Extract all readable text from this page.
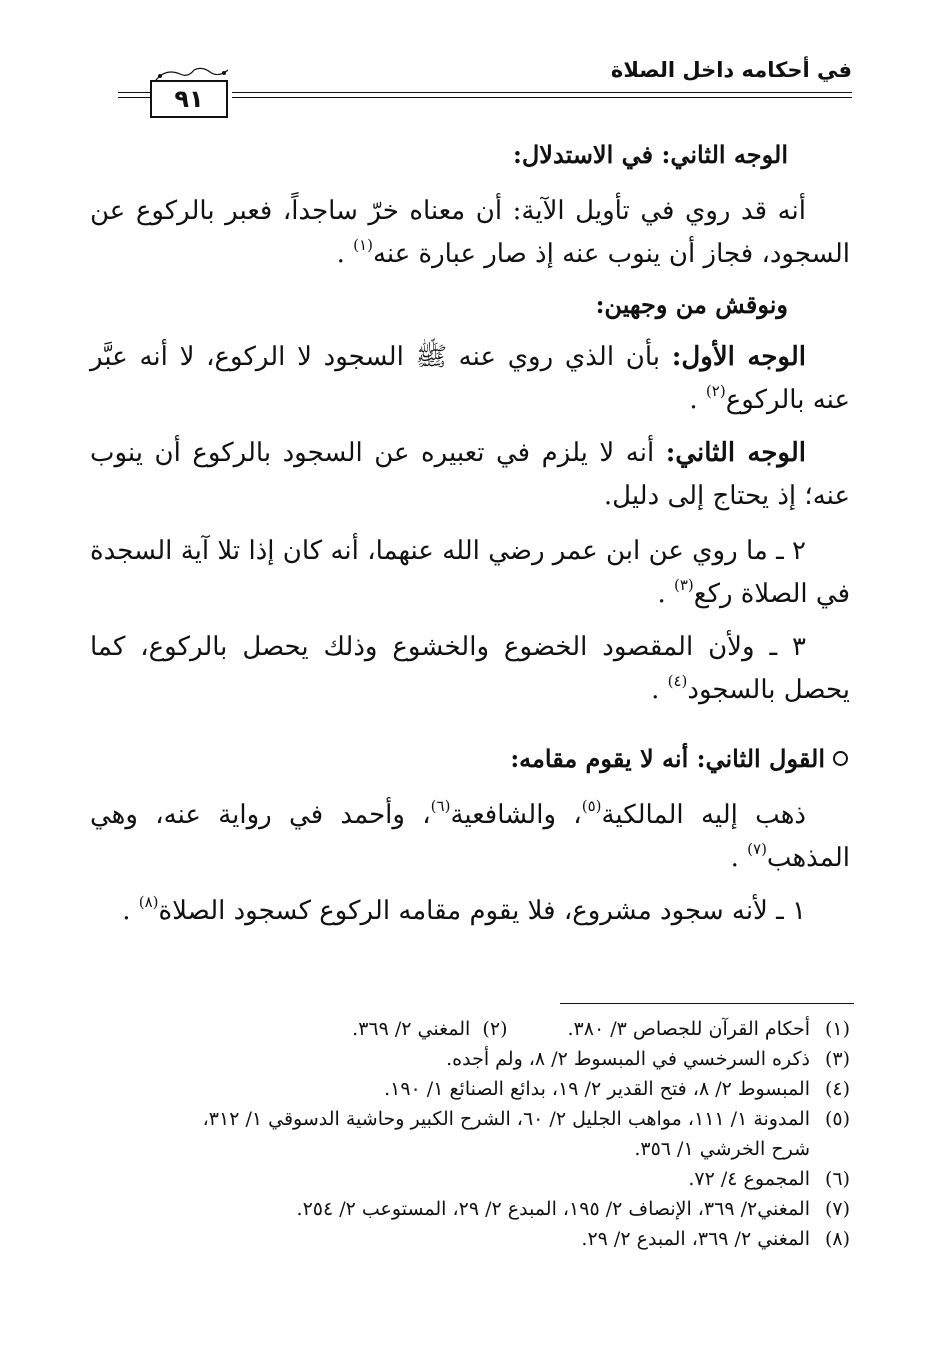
في أحكامه داخل الصلاة
٩١
الوجه الثاني: في الاستدلال:

أنه قد روي في تأويل الآية: أن معناه خرّ ساجداً، فعبر بالركوع عن السجود، فجاز أن ينوب عنه إذ صار عبارة عنه$^{(١)}$ .

ونوقش من وجهين:

الوجه الأول: بأن الذي روي عنه ﷺ السجود لا الركوع، لا أنه عبَّر عنه بالركوع$^{(٢)}$ .

الوجه الثاني: أنه لا يلزم في تعبيره عن السجود بالركوع أن ينوب عنه؛ إذ يحتاج إلى دليل.

٢ ـ ما روي عن ابن عمر رضي الله عنهما، أنه كان إذا تلا آية السجدة في الصلاة ركع$^{(٣)}$ .

٣ ـ ولأن المقصود الخضوع والخشوع وذلك يحصل بالركوع، كما يحصل بالسجود$^{(٤)}$ .

القول الثاني: أنه لا يقوم مقامه:

ذهب إليه المالكية$^{(٥)}$، والشافعية$^{(٦)}$، وأحمد في رواية عنه، وهي المذهب$^{(٧)}$ .

١ ـ لأنه سجود مشروع، فلا يقوم مقامه الركوع كسجود الصلاة$^{(٨)}$ .

(١)
أحكام القرآن للجصاص ٣/ ٣٨٠.(٢)  المغني ٢/ ٣٦٩.
(٣)
ذكره السرخسي في المبسوط ٢/ ٨، ولم أجده.
(٤)
المبسوط ٢/ ٨، فتح القدير ٢/ ١٩، بدائع الصنائع ١/ ١٩٠.
(٥)
المدونة ١/ ١١١، مواهب الجليل ٢/ ٦٠، الشرح الكبير وحاشية الدسوقي ١/ ٣١٢،
شرح الخرشي ١/ ٣٥٦.
(٦)
المجموع ٤/ ٧٢.
(٧)
المغني٢/ ٣٦٩، الإنصاف ٢/ ١٩٥، المبدع ٢/ ٢٩، المستوعب ٢/ ٢٥٤.
(٨)
المغني ٢/ ٣٦٩، المبدع ٢/ ٢٩.
